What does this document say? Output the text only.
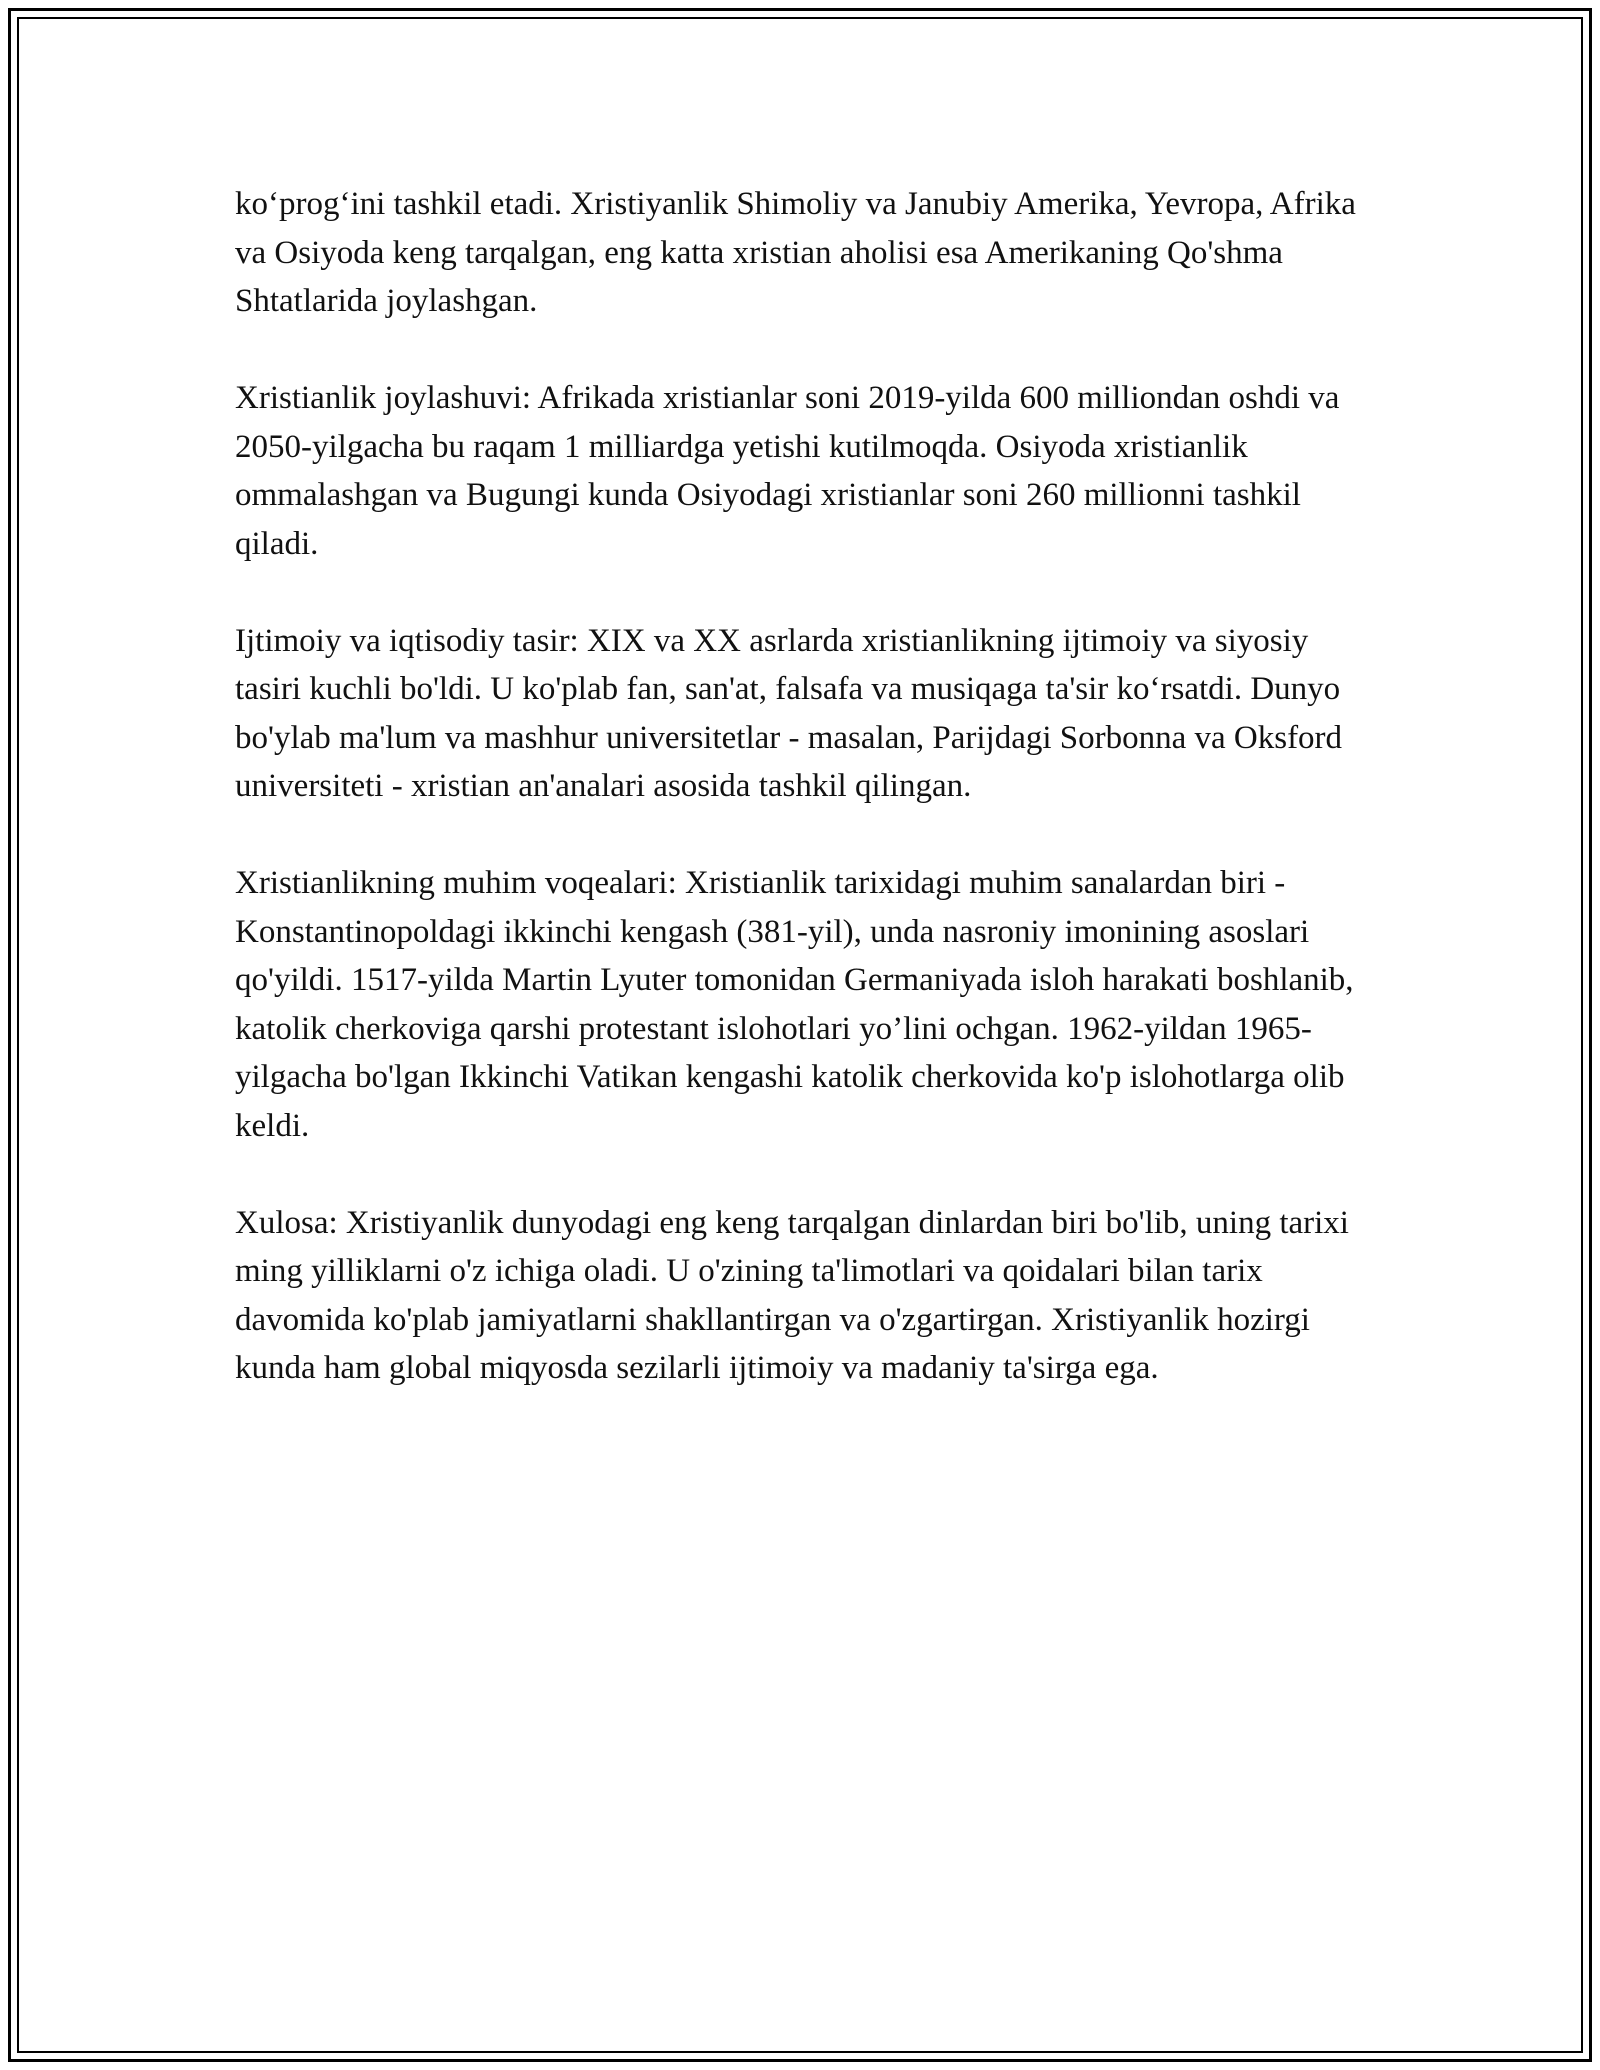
ko‘prog‘ini tashkil etadi. Xristiyanlik Shimoliy va Janubiy Amerika, Yevropa, Afrika va Osiyoda keng tarqalgan, eng katta xristian aholisi esa Amerikaning Qo'shma Shtatlarida joylashgan.

Xristianlik joylashuvi: Afrikada xristianlar soni 2019-yilda 600 milliondan oshdi va 2050-yilgacha bu raqam 1 milliardga yetishi kutilmoqda. Osiyoda xristianlik ommalashgan va Bugungi kunda Osiyodagi xristianlar soni 260 millionni tashkil qiladi.

Ijtimoiy va iqtisodiy tasir: XIX va XX asrlarda xristianlikning ijtimoiy va siyosiy tasiri kuchli bo'ldi. U ko'plab fan, san'at, falsafa va musiqaga ta'sir ko‘rsatdi. Dunyo bo'ylab ma'lum va mashhur universitetlar - masalan, Parijdagi Sorbonna va Oksford universiteti - xristian an'analari asosida tashkil qilingan.

Xristianlikning muhim voqealari: Xristianlik tarixidagi muhim sanalardan biri - Konstantinopoldagi ikkinchi kengash (381-yil), unda nasroniy imonining asoslari qo'yildi. 1517-yilda Martin Lyuter tomonidan Germaniyada isloh harakati boshlanib, katolik cherkoviga qarshi protestant islohotlari yo’lini ochgan. 1962-yildan 1965-yilgacha bo'lgan Ikkinchi Vatikan kengashi katolik cherkovida ko'p islohotlarga olib keldi.

Xulosa: Xristiyanlik dunyodagi eng keng tarqalgan dinlardan biri bo'lib, uning tarixi ming yilliklarni o'z ichiga oladi. U o'zining ta'limotlari va qoidalari bilan tarix davomida ko'plab jamiyatlarni shakllantirgan va o'zgartirgan. Xristiyanlik hozirgi kunda ham global miqyosda sezilarli ijtimoiy va madaniy ta'sirga ega.
